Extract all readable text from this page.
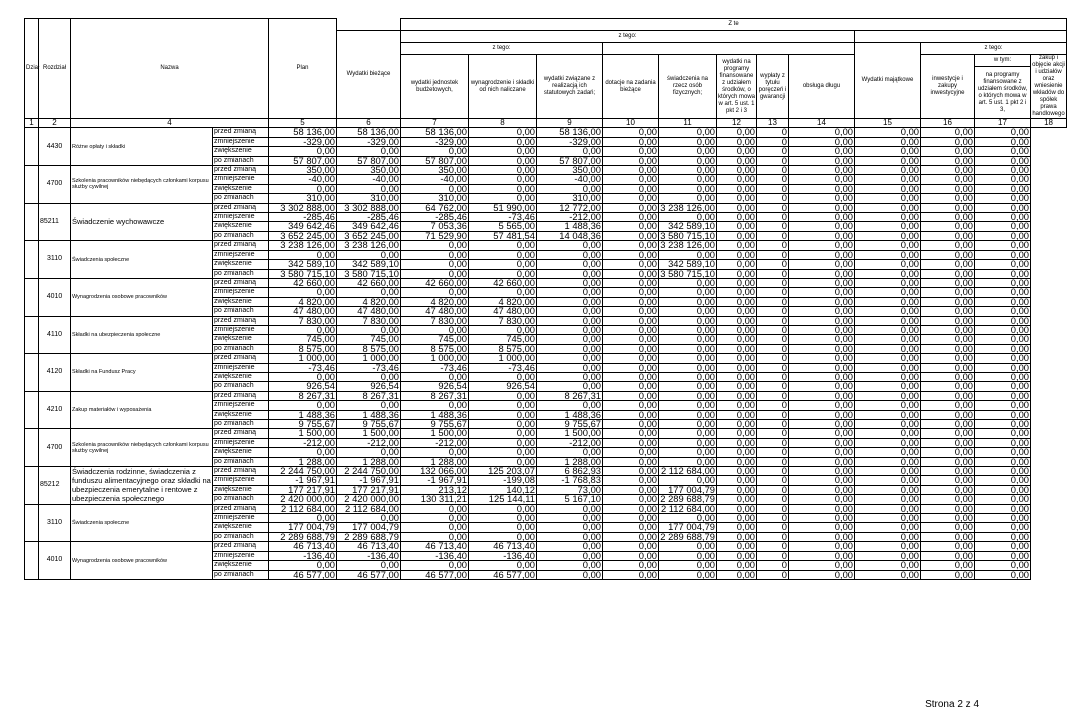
Dział	Rozdział	Nazwa		Plan		Z te											
					Wydatki bieżące	z tego:											
						z tego:								Wydatki majątkowe	z tego:		
						wydatki jednostek budżetowych,	wynagrodzenie i składki od nich naliczane	wydatki związane z realizacją ich statutowych zadań;	dotacje na zadania bieżące	świadczenia na rzecz osób fizycznych;	wydatki na programy finansowane z udziałem środków, o których mowa w art. 5 ust. 1 pkt 2 i 3	wypłaty z tytułu poręczeń i gwarancji	obsługa długu		inwestycje i zakupy inwestycyjne	w tym:	zakup i objęcie akcji i udziałów oraz wniesienie wkładów do spółek prawa handlowego
																na programy finansowane z udziałem środków, o których mowa w art. 5 ust. 1 pkt 2 i 3,	

1	2	4		5	6	7	8	9	10	11	12	13	14	15	16	17	18
	4430	Różne opłaty i składki	przed zmianą	58 136,00	58 136,00	58 136,00	0,00	58 136,00	0,00	0,00	0,00	0	0,00	0,00	0,00	0,00	
			zmniejszenie	-329,00	-329,00	-329,00	0,00	-329,00	0,00	0,00	0,00	0	0,00	0,00	0,00	0,00	
			zwiększenie	0,00	0,00	0,00	0,00	0,00	0,00	0,00	0,00	0	0,00	0,00	0,00	0,00	
			po zmianach	57 807,00	57 807,00	57 807,00	0,00	57 807,00	0,00	0,00	0,00	0	0,00	0,00	0,00	0,00	
	4700	Szkolenia pracowników niebędących członkami korpusu służby cywilnej	przed zmianą	350,00	350,00	350,00	0,00	350,00	0,00	0,00	0,00	0	0,00	0,00	0,00	0,00	
			zmniejszenie	-40,00	-40,00	-40,00	0,00	-40,00	0,00	0,00	0,00	0	0,00	0,00	0,00	0,00	
			zwiększenie	0,00	0,00	0,00	0,00	0,00	0,00	0,00	0,00	0	0,00	0,00	0,00	0,00	
			po zmianach	310,00	310,00	310,00	0,00	310,00	0,00	0,00	0,00	0	0,00	0,00	0,00	0,00	
	85211	Świadczenie wychowawcze	przed zmianą	3 302 888,00	3 302 888,00	64 762,00	51 990,00	12 772,00	0,00	3 238 126,00	0,00	0	0,00	0,00	0,00	0,00	
			zmniejszenie	-285,46	-285,46	-285,46	-73,46	-212,00	0,00	0,00	0,00	0	0,00	0,00	0,00	0,00	
			zwiększenie	349 642,46	349 642,46	7 053,36	5 565,00	1 488,36	0,00	342 589,10	0,00	0	0,00	0,00	0,00	0,00	
			po zmianach	3 652 245,00	3 652 245,00	71 529,90	57 481,54	14 048,36	0,00	3 580 715,10	0,00	0	0,00	0,00	0,00	0,00	
	3110	Świadczenia społeczne	przed zmianą	3 238 126,00	3 238 126,00	0,00	0,00	0,00	0,00	3 238 126,00	0,00	0	0,00	0,00	0,00	0,00	
			zmniejszenie	0,00	0,00	0,00	0,00	0,00	0,00	0,00	0,00	0	0,00	0,00	0,00	0,00	
			zwiększenie	342 589,10	342 589,10	0,00	0,00	0,00	0,00	342 589,10	0,00	0	0,00	0,00	0,00	0,00	
			po zmianach	3 580 715,10	3 580 715,10	0,00	0,00	0,00	0,00	3 580 715,10	0,00	0	0,00	0,00	0,00	0,00	
	4010	Wynagrodzenia osobowe pracowników	przed zmianą	42 660,00	42 660,00	42 660,00	42 660,00	0,00	0,00	0,00	0,00	0	0,00	0,00	0,00	0,00	
			zmniejszenie	0,00	0,00	0,00	0,00	0,00	0,00	0,00	0,00	0	0,00	0,00	0,00	0,00	
			zwiększenie	4 820,00	4 820,00	4 820,00	4 820,00	0,00	0,00	0,00	0,00	0	0,00	0,00	0,00	0,00	
			po zmianach	47 480,00	47 480,00	47 480,00	47 480,00	0,00	0,00	0,00	0,00	0	0,00	0,00	0,00	0,00	
	4110	Składki na ubezpieczenia społeczne	przed zmianą	7 830,00	7 830,00	7 830,00	7 830,00	0,00	0,00	0,00	0,00	0	0,00	0,00	0,00	0,00	
			zmniejszenie	0,00	0,00	0,00	0,00	0,00	0,00	0,00	0,00	0	0,00	0,00	0,00	0,00	
			zwiększenie	745,00	745,00	745,00	745,00	0,00	0,00	0,00	0,00	0	0,00	0,00	0,00	0,00	
			po zmianach	8 575,00	8 575,00	8 575,00	8 575,00	0,00	0,00	0,00	0,00	0	0,00	0,00	0,00	0,00	
	4120	Składki na Fundusz Pracy	przed zmianą	1 000,00	1 000,00	1 000,00	1 000,00	0,00	0,00	0,00	0,00	0	0,00	0,00	0,00	0,00	
			zmniejszenie	-73,46	-73,46	-73,46	-73,46	0,00	0,00	0,00	0,00	0	0,00	0,00	0,00	0,00	
			zwiększenie	0,00	0,00	0,00	0,00	0,00	0,00	0,00	0,00	0	0,00	0,00	0,00	0,00	
			po zmianach	926,54	926,54	926,54	926,54	0,00	0,00	0,00	0,00	0	0,00	0,00	0,00	0,00	
	4210	Zakup materiałów i wyposażenia	przed zmianą	8 267,31	8 267,31	8 267,31	0,00	8 267,31	0,00	0,00	0,00	0	0,00	0,00	0,00	0,00	
			zmniejszenie	0,00	0,00	0,00	0,00	0,00	0,00	0,00	0,00	0	0,00	0,00	0,00	0,00	
			zwiększenie	1 488,36	1 488,36	1 488,36	0,00	1 488,36	0,00	0,00	0,00	0	0,00	0,00	0,00	0,00	
			po zmianach	9 755,67	9 755,67	9 755,67	0,00	9 755,67	0,00	0,00	0,00	0	0,00	0,00	0,00	0,00	
	4700	Szkolenia pracowników niebędących członkami korpusu służby cywilnej	przed zmianą	1 500,00	1 500,00	1 500,00	0,00	1 500,00	0,00	0,00	0,00	0	0,00	0,00	0,00	0,00	
			zmniejszenie	-212,00	-212,00	-212,00	0,00	-212,00	0,00	0,00	0,00	0	0,00	0,00	0,00	0,00	
			zwiększenie	0,00	0,00	0,00	0,00	0,00	0,00	0,00	0,00	0	0,00	0,00	0,00	0,00	
			po zmianach	1 288,00	1 288,00	1 288,00	0,00	1 288,00	0,00	0,00	0,00	0	0,00	0,00	0,00	0,00	
	85212	Świadczenia rodzinne, świadczenia z funduszu alimentacyjnego oraz składki na ubezpieczenia emerytalne i rentowe z ubezpieczenia społecznego	przed zmianą	2 244 750,00	2 244 750,00	132 066,00	125 203,07	6 862,93	0,00	2 112 684,00	0,00	0	0,00	0,00	0,00	0,00	
			zmniejszenie	-1 967,91	-1 967,91	-1 967,91	-199,08	-1 768,83	0,00	0,00	0,00	0	0,00	0,00	0,00	0,00	
			zwiększenie	177 217,91	177 217,91	213,12	140,12	73,00	0,00	177 004,79	0,00	0	0,00	0,00	0,00	0,00	
			po zmianach	2 420 000,00	2 420 000,00	130 311,21	125 144,11	5 167,10	0,00	2 289 688,79	0,00	0	0,00	0,00	0,00	0,00	
	3110	Świadczenia społeczne	przed zmianą	2 112 684,00	2 112 684,00	0,00	0,00	0,00	0,00	2 112 684,00	0,00	0	0,00	0,00	0,00	0,00	
			zmniejszenie	0,00	0,00	0,00	0,00	0,00	0,00	0,00	0,00	0	0,00	0,00	0,00	0,00	
			zwiększenie	177 004,79	177 004,79	0,00	0,00	0,00	0,00	177 004,79	0,00	0	0,00	0,00	0,00	0,00	
			po zmianach	2 289 688,79	2 289 688,79	0,00	0,00	0,00	0,00	2 289 688,79	0,00	0	0,00	0,00	0,00	0,00	
	4010	Wynagrodzenia osobowe pracowników	przed zmianą	46 713,40	46 713,40	46 713,40	46 713,40	0,00	0,00	0,00	0,00	0	0,00	0,00	0,00	0,00	
			zmniejszenie	-136,40	-136,40	-136,40	-136,40	0,00	0,00	0,00	0,00	0	0,00	0,00	0,00	0,00	
			zwiększenie	0,00	0,00	0,00	0,00	0,00	0,00	0,00	0,00	0	0,00	0,00	0,00	0,00	
			po zmianach	46 577,00	46 577,00	46 577,00	46 577,00	0,00	0,00	0,00	0,00	0	0,00	0,00	0,00	0,00	
Strona 2 z 4
